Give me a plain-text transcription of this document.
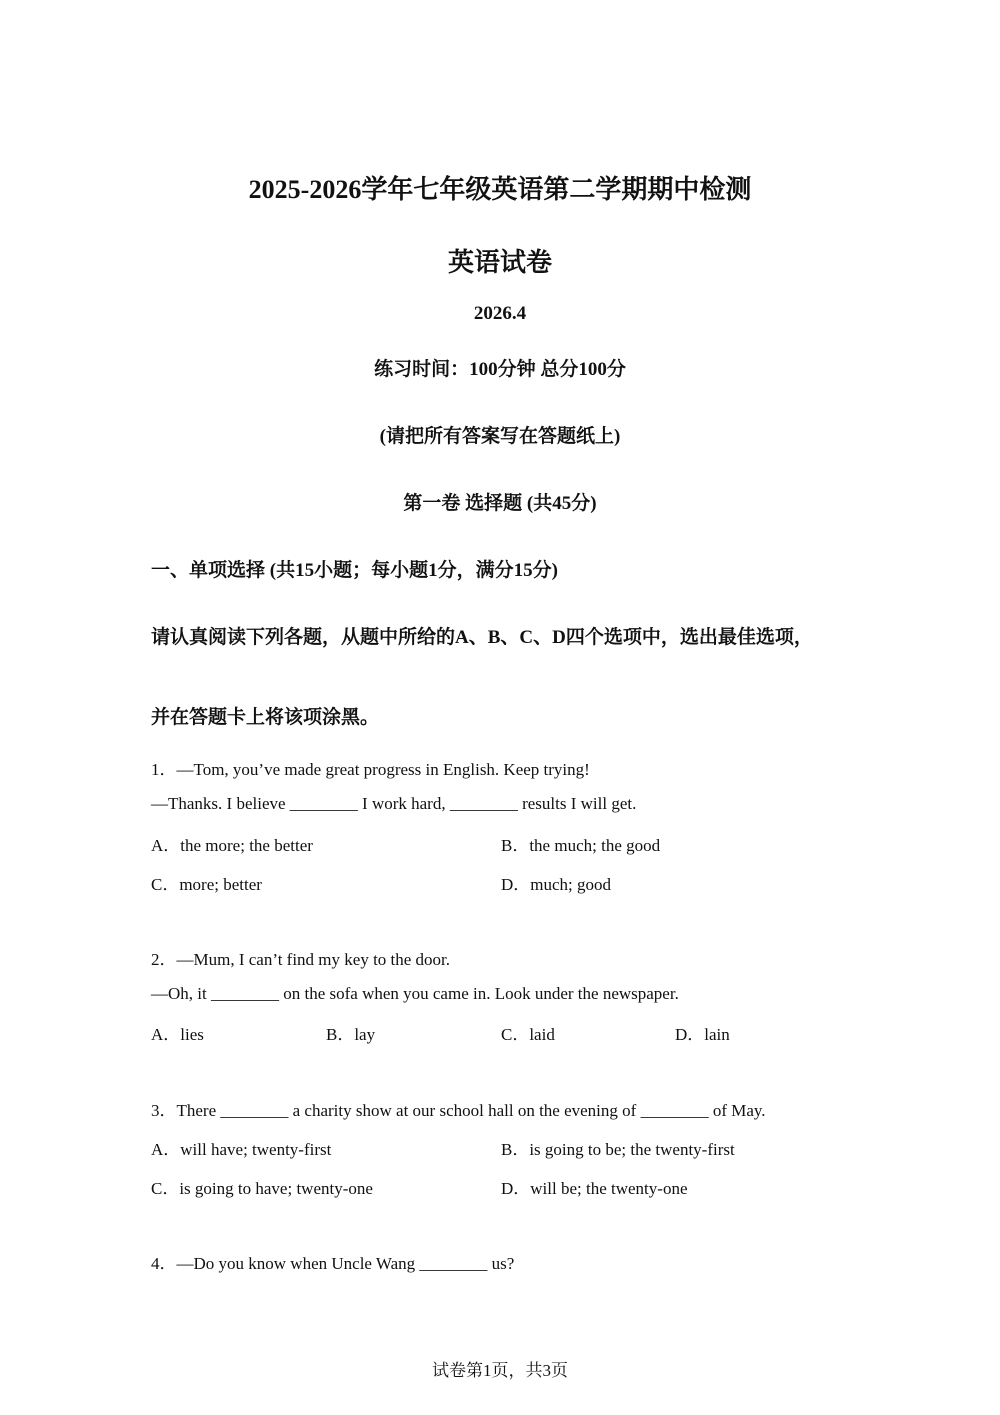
2025-2026学年七年级英语第二学期期中检测
英语试卷
2026.4
练习时间：100分钟 总分100分
(请把所有答案写在答题纸上)
第一卷 选择题 (共45分)
一、单项选择 (共15小题；每小题1分，满分15分)
请认真阅读下列各题，从题中所给的A、B、C、D四个选项中，选出最佳选项，
并在答题卡上将该项涂黑。
1．—Tom, you’ve made great progress in English. Keep trying!
—Thanks. I believe ________ I work hard, ________ results I will get.
A．the more; the better	B．the much; the good
C．more; better	D．much; good
2．—Mum, I can’t find my key to the door.
—Oh, it ________ on the sofa when you came in. Look under the newspaper.
A．lies	B．lay	C．laid	D．lain
3．There ________ a charity show at our school hall on the evening of ________ of May.
A．will have; twenty-first	B．is going to be; the twenty-first
C．is going to have; twenty-one	D．will be; the twenty-one
4．—Do you know when Uncle Wang ________ us?
试卷第1页，共3页
